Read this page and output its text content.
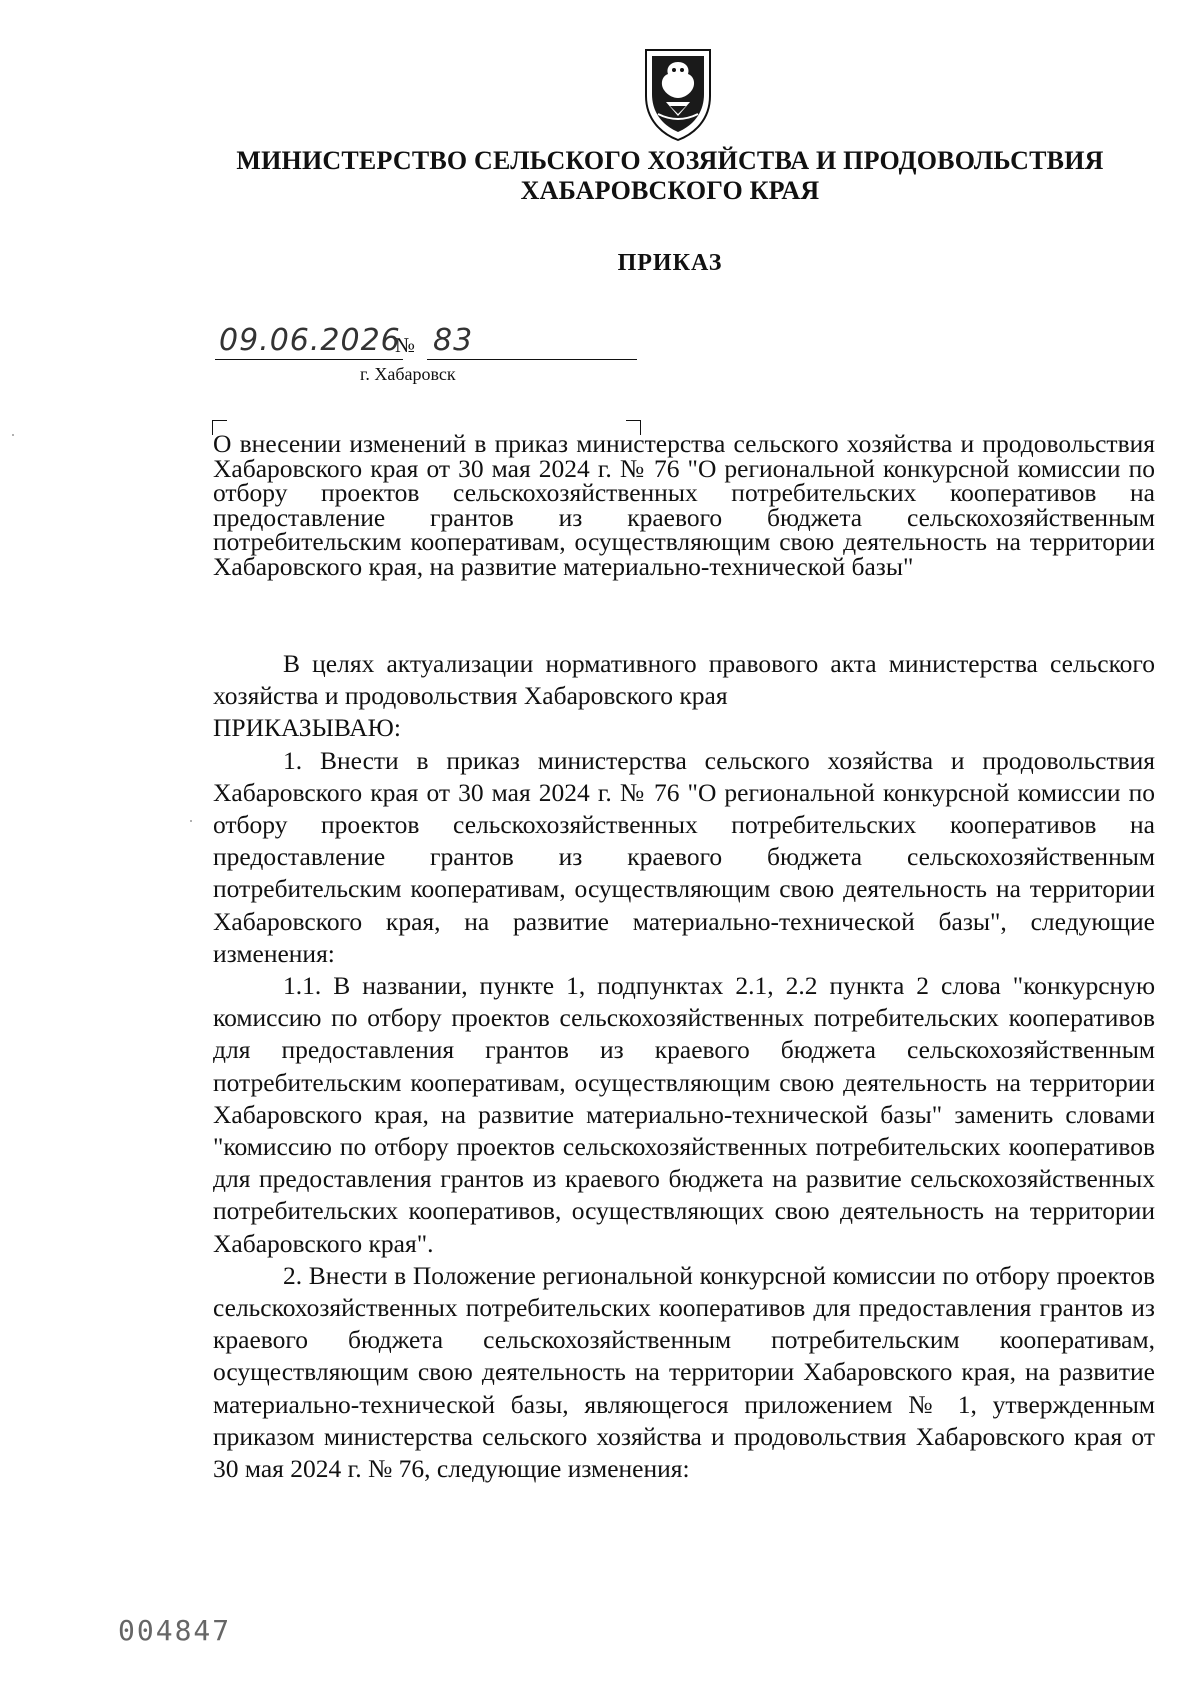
МИНИСТЕРСТВО СЕЛЬСКОГО ХОЗЯЙСТВА И ПРОДОВОЛЬСТВИЯ
ХАБАРОВСКОГО КРАЯ
ПРИКАЗ
09.06.2026
№ 83
г. Хабаровск

О внесении изменений в приказ министерства сельского хозяйства и продовольствия Хабаровского края от 30 мая 2024 г. № 76 "О региональной конкурсной комиссии по отбору проектов сельскохозяйственных потребительских кооперативов на предоставление грантов из краевого бюджета сельскохозяйственным потребительским кооперативам, осуществляющим свою деятельность на территории Хабаровского края, на развитие материально-технической базы"

В целях актуализации нормативного правового акта министерства сельского хозяйства и продовольствия Хабаровского края

ПРИКАЗЫВАЮ:

1. Внести в приказ министерства сельского хозяйства и продовольствия Хабаровского края от 30 мая 2024 г. № 76 "О региональной конкурсной комиссии по отбору проектов сельскохозяйственных потребительских кооперативов на предоставление грантов из краевого бюджета сельскохозяйственным потребительским кооперативам, осуществляющим свою деятельность на территории Хабаровского края, на развитие материально-технической базы", следующие изменения:

1.1. В названии, пункте 1, подпунктах 2.1, 2.2 пункта 2 слова "конкурсную комиссию по отбору проектов сельскохозяйственных потребительских кооперативов для предоставления грантов из краевого бюджета сельскохозяйственным потребительским кооперативам, осуществляющим свою деятельность на территории Хабаровского края, на развитие материально-технической базы" заменить словами "комиссию по отбору проектов сельскохозяйственных потребительских кооперативов для предоставления грантов из краевого бюджета на развитие сельскохозяйственных потребительских кооперативов, осуществляющих свою деятельность на территории Хабаровского края".

2. Внести в Положение региональной конкурсной комиссии по отбору проектов сельскохозяйственных потребительских кооперативов для предоставления грантов из краевого бюджета сельскохозяйственным потребительским кооперативам, осуществляющим свою деятельность на территории Хабаровского края, на развитие материально-технической базы, являющегося приложением № 1, утвержденным приказом министерства сельского хозяйства и продовольствия Хабаровского края от 30 мая 2024 г. № 76, следующие изменения:

004847
